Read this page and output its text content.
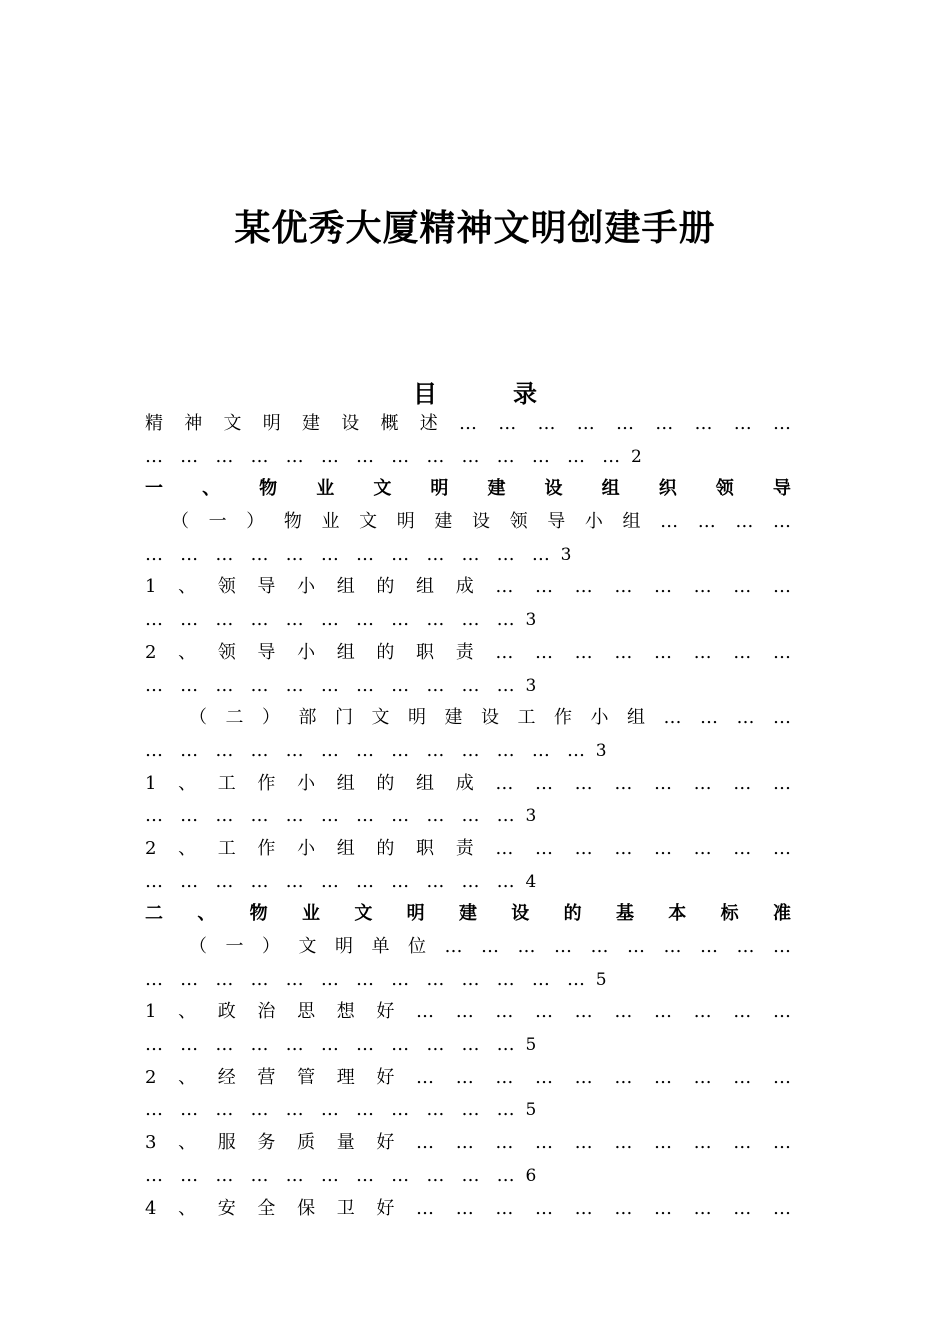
某优秀大厦精神文明创建手册
目	录
精 神 文 明 建 设 概 述 … … … … … … … … …
…   …   …   …   …   …   …   …   …   …   …   …   …   …  2
一 、 物 业 文 明 建 设 组 织 领 导
（ 一 ） 物 业 文 明 建 设 领 导 小 组 … … … …
…   …   …   …   …   …   …   …   …   …   …   …  3
1 、 领 导 小 组 的 组 成 … … … … … … … …
…   …   …   …   …   …   …   …   …   …   …  3
2 、 领 导 小 组 的 职 责 … … … … … … … …
…   …   …   …   …   …   …   …   …   …   …  3
（ 二 ） 部 门 文 明 建 设 工 作 小 组 … … … …
…   …   …   …   …   …   …   …   …   …   …   …   …  3
1 、 工 作 小 组 的 组 成 … … … … … … … …
…   …   …   …   …   …   …   …   …   …   …  3
2 、 工 作 小 组 的 职 责 … … … … … … … …
…   …   …   …   …   …   …   …   …   …   …  4
二 、 物 业 文 明 建 设 的 基 本 标 准
（ 一 ） 文 明 单 位 … … … … … … … … … …
…   …   …   …   …   …   …   …   …   …   …   …   …  5
1 、 政 治 思 想 好 … … … … … … … … … …
…   …   …   …   …   …   …   …   …   …   …  5
2 、 经 营 管 理 好 … … … … … … … … … …
…   …   …   …   …   …   …   …   …   …   …  5
3 、 服 务 质 量 好 … … … … … … … … … …
…   …   …   …   …   …   …   …   …   …   …  6
4 、 安 全 保 卫 好 … … … … … … … … … …
